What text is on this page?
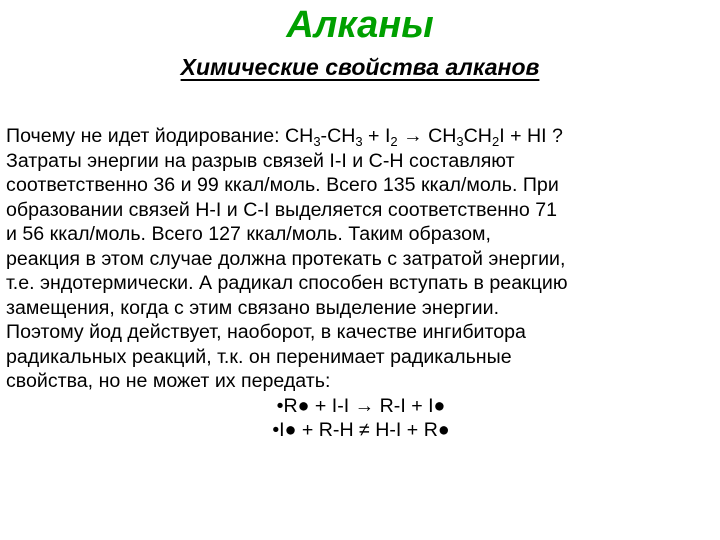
Алканы
Химические свойства алканов

Почему не идет йодирование: $CH_3-CH_3 + I_2 \to CH_3CH_2I$ + HI ?

Затраты энергии на разрыв связей I-I и C-H составляют

соответственно 36 и 99 ккал/моль. Всего 135 ккал/моль. При

образовании связей H-I и C-I выделяется соответственно 71

и 56 ккал/моль. Всего 127 ккал/моль. Таким образом,

реакция в этом случае должна протекать с затратой энергии,

т.е. эндотермически. А радикал способен вступать в реакцию

замещения, когда с этим связано выделение энергии.

Поэтому йод действует, наоборот, в качестве ингибитора

радикальных реакций, т.к. он перенимает радикальные

свойства, но не может их передать:

•R● + I-I → R-I + I●

•I● + R-H ≠ H-I + R●
